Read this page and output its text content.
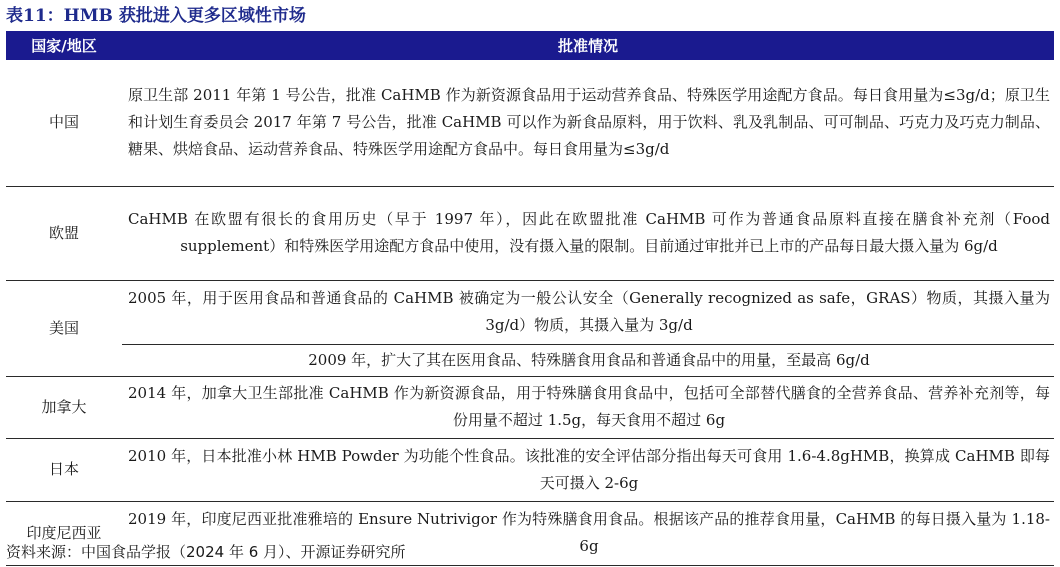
表11：HMB 获批进入更多区域性市场
国家/地区	批准情况
中国	原卫生部 2011 年第 1 号公告，批准 CaHMB 作为新资源食品用于运动营养食品、特殊医学用途配方食品。每日食用量为≤3g/d；原卫生和计划生育委员会 2017 年第 7 号公告，批准 CaHMB 可以作为新食品原料，用于饮料、乳及乳制品、可可制品、巧克力及巧克力制品、糖果、烘焙食品、运动营养食品、特殊医学用途配方食品中。每日食用量为≤3g/d
欧盟	CaHMB 在欧盟有很长的食用历史（早于 1997 年），因此在欧盟批准 CaHMB 可作为普通食品原料直接在膳食补充剂（Food supplement）和特殊医学用途配方食品中使用，没有摄入量的限制。目前通过审批并已上市的产品每日最大摄入量为 6g/d
美国	2005 年，用于医用食品和普通食品的 CaHMB 被确定为一般公认安全（Generally recognized as safe，GRAS）物质，其摄入量为 3g/d）物质，其摄入量为 3g/d
	2009 年，扩大了其在医用食品、特殊膳食用食品和普通食品中的用量，至最高 6g/d
加拿大	2014 年，加拿大卫生部批准 CaHMB 作为新资源食品，用于特殊膳食用食品中，包括可全部替代膳食的全营养食品、营养补充剂等，每份用量不超过 1.5g，每天食用不超过 6g
日本	2010 年，日本批准小林 HMB Powder 为功能个性食品。该批准的安全评估部分指出每天可食用 1.6-4.8gHMB，换算成 CaHMB 即每天可摄入 2-6g
印度尼西亚	2019 年，印度尼西亚批准雅培的 Ensure Nutrivigor 作为特殊膳食用食品。根据该产品的推荐食用量，CaHMB 的每日摄入量为 1.18-6g
资料来源：中国食品学报（2024 年 6 月）、开源证券研究所
